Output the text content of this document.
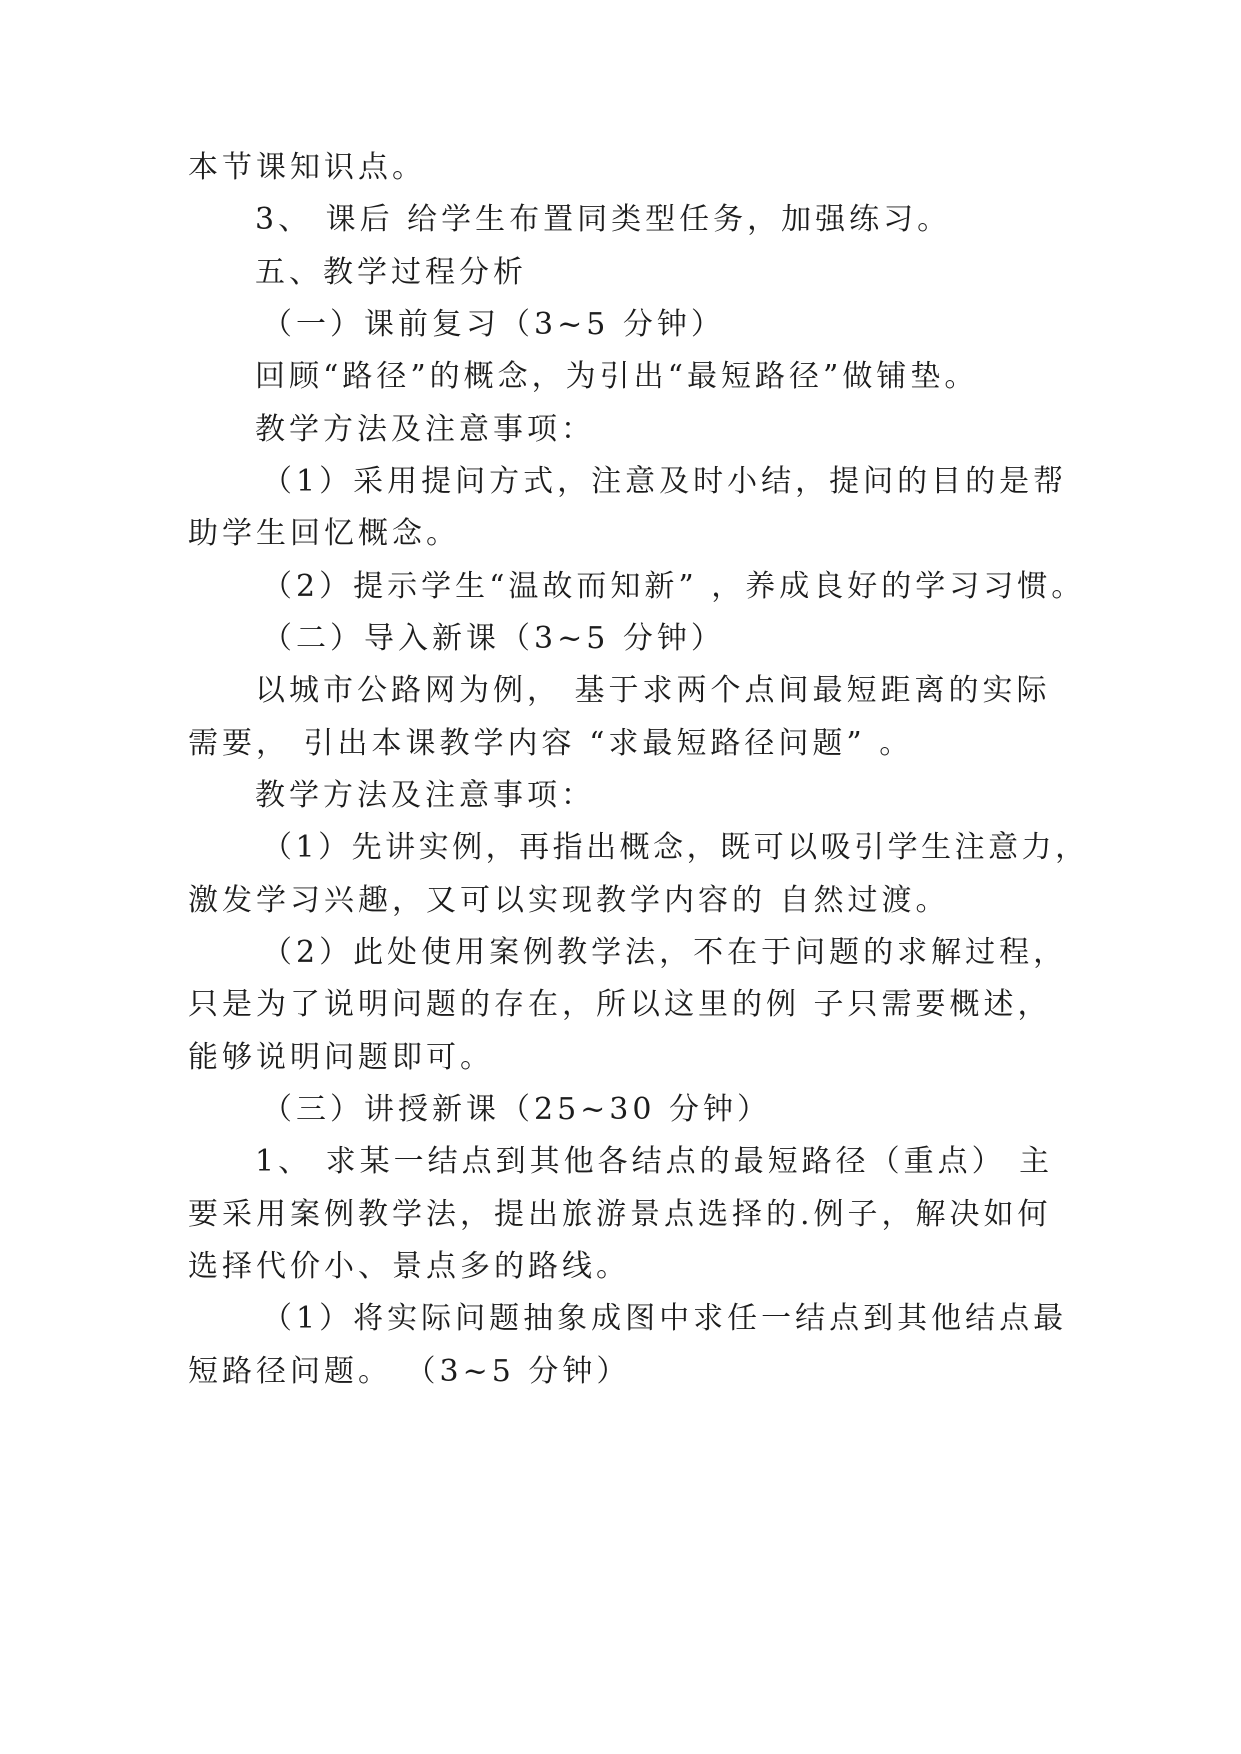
本节课知识点。
3、 课后 给学生布置同类型任务，加强练习。
五、教学过程分析
（一）课前复习（3~5 分钟）
回顾“路径”的概念，为引出“最短路径”做铺垫。
教学方法及注意事项：
（1）采用提问方式，注意及时小结，提问的目的是帮
助学生回忆概念。
（2）提示学生“温故而知新” ，养成良好的学习习惯。
（二）导入新课（3~5 分钟）
以城市公路网为例， 基于求两个点间最短距离的实际
需要， 引出本课教学内容 “求最短路径问题” 。
教学方法及注意事项：
（1）先讲实例，再指出概念，既可以吸引学生注意力，
激发学习兴趣，又可以实现教学内容的 自然过渡。
（2）此处使用案例教学法，不在于问题的求解过程，
只是为了说明问题的存在，所以这里的例 子只需要概述，
能够说明问题即可。
（三）讲授新课（25~30 分钟）
1、 求某一结点到其他各结点的最短路径（重点） 主
要采用案例教学法，提出旅游景点选择的.例子，解决如何
选择代价小、景点多的路线。
（1）将实际问题抽象成图中求任一结点到其他结点最
短路径问题。 （3~5 分钟）
